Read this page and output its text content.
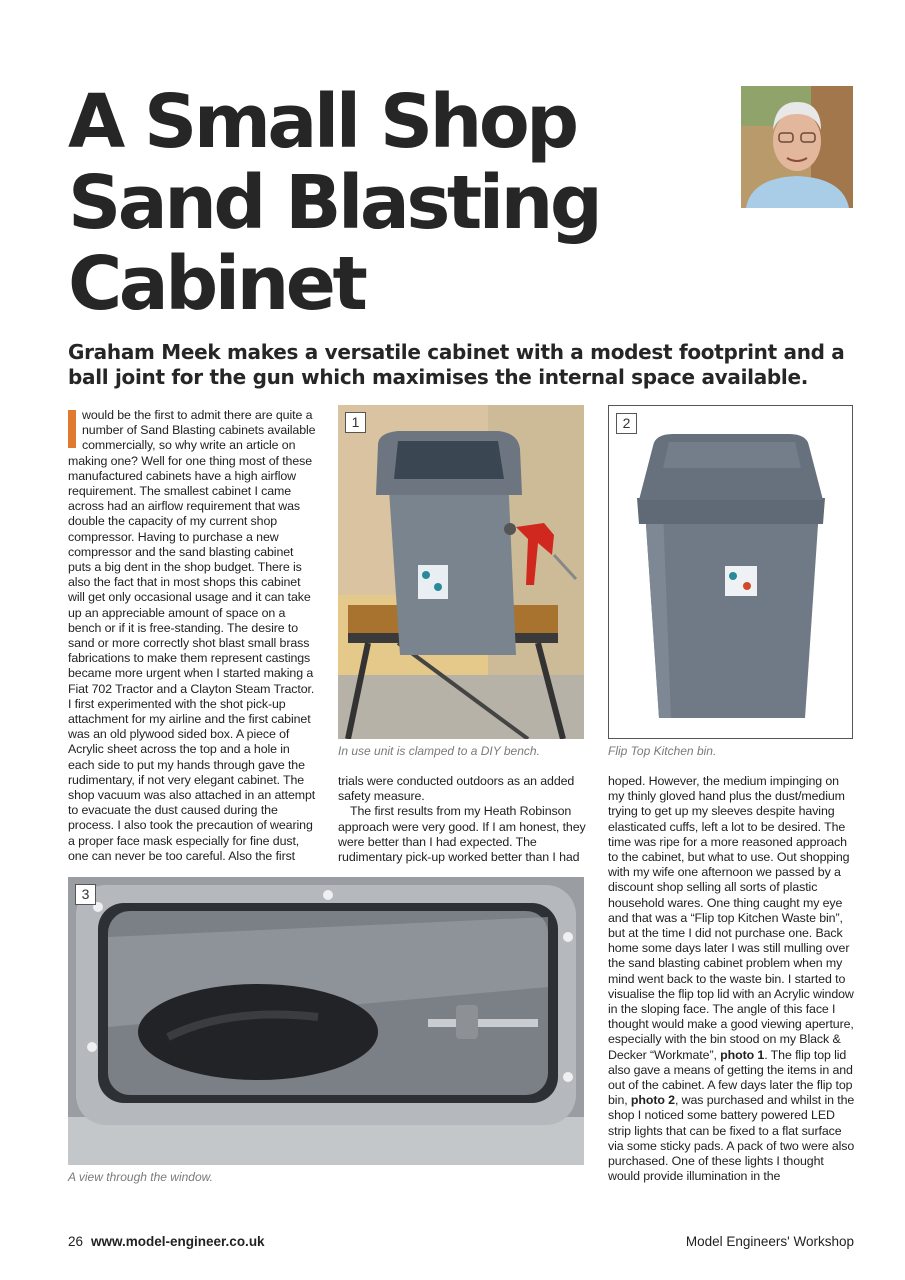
A Small Shop
Sand Blasting
Cabinet
Graham Meek makes a versatile cabinet with a modest footprint and a ball joint for the gun which maximises the internal space available.

would be the first to admit there are quite a number of Sand Blasting cabinets available commercially, so why write an article on making one? Well for one thing most of these manufactured cabinets have a high airflow requirement. The smallest cabinet I came across had an airflow requirement that was double the capacity of my current shop compressor. Having to purchase a new compressor and the sand blasting cabinet puts a big dent in the shop budget. There is also the fact that in most shops this cabinet will get only occasional usage and it can take up an appreciable amount of space on a bench or if it is free-standing. The desire to sand or more correctly shot blast small brass fabrications to make them represent castings became more urgent when I started making a Fiat 702 Tractor and a Clayton Steam Tractor. I first experimented with the shot pick-up attachment for my airline and the first cabinet was an old plywood sided box. A piece of Acrylic sheet across the top and a hole in each side to put my hands through gave the rudimentary, if not very elegant cabinet. The shop vacuum was also attached in an attempt to evacuate the dust caused during the process. I also took the precaution of wearing a proper face mask especially for fine dust, one can never be too careful. Also the first

1
In use unit is clamped to a DIY bench.
2
Flip Top Kitchen bin.

trials were conducted outdoors as an added safety measure.

The first results from my Heath Robinson approach were very good. If I am honest, they were better than I had expected. The rudimentary pick-up worked better than I had

hoped. However, the medium impinging on my thinly gloved hand plus the dust/medium trying to get up my sleeves despite having elasticated cuffs, left a lot to be desired. The time was ripe for a more reasoned approach to the cabinet, but what to use. Out shopping with my wife one afternoon we passed by a discount shop selling all sorts of plastic household wares. One thing caught my eye and that was a “Flip top Kitchen Waste bin”, but at the time I did not purchase one. Back home some days later I was still mulling over the sand blasting cabinet problem when my mind went back to the waste bin. I started to visualise the flip top lid with an Acrylic window in the sloping face. The angle of this face I thought would make a good viewing aperture, especially with the bin stood on my Black & Decker “Workmate”, photo 1. The flip top lid also gave a means of getting the items in and out of the cabinet. A few days later the flip top bin, photo 2, was purchased and whilst in the shop I noticed some battery powered LED strip lights that can be fixed to a flat surface via some sticky pads. A pack of two were also purchased. One of these lights I thought would provide illumination in the

3
A view through the window.
26 www.model-engineer.co.uk	Model Engineers' Workshop
